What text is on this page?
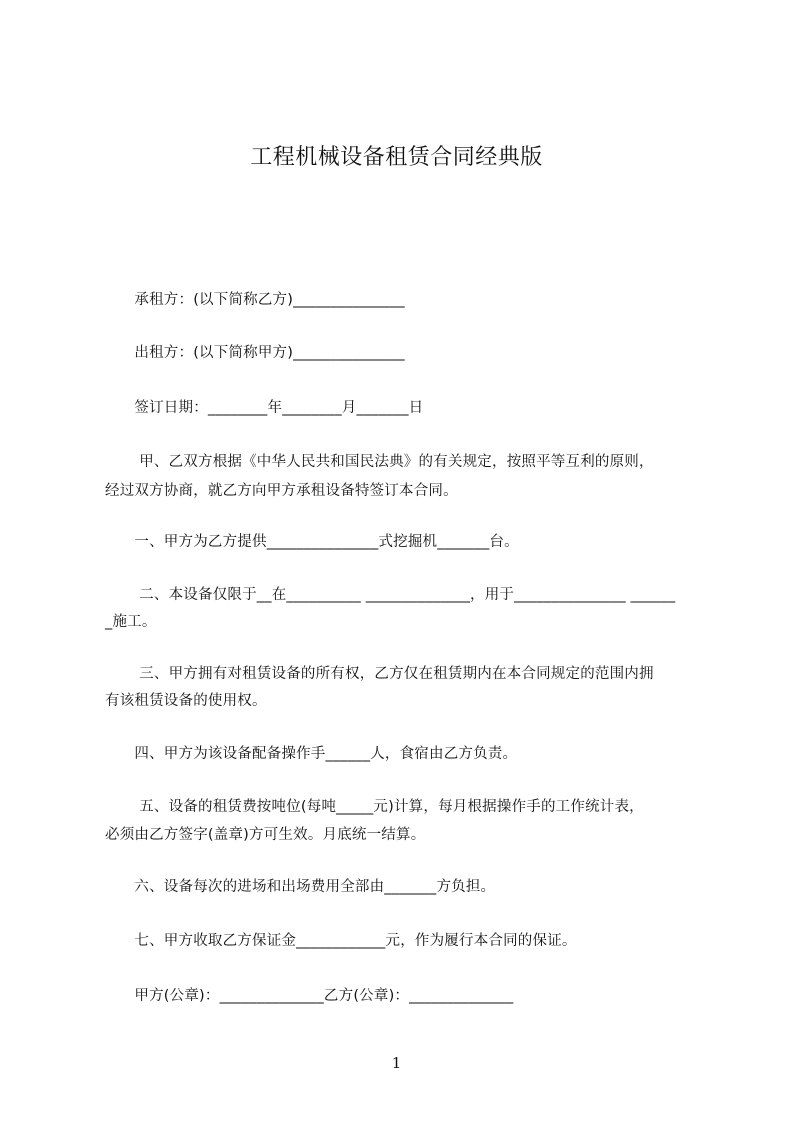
工程机械设备租赁合同经典版
　　承租方：(以下简称乙方)_______________
　　出租方：(以下简称甲方)_______________
　　签订日期：________年________月_______日
　　 甲、乙双方根据《中华人民共和国民法典》的有关规定，按照平等互利的原则，
经过双方协商，就乙方向甲方承租设备特签订本合同。
　　一、甲方为乙方提供_______________式挖掘机_______台。
　　 二、本设备仅限于__在__________ ______________，用于_______________ ______
_施工。
　　 三、甲方拥有对租赁设备的所有权，乙方仅在租赁期内在本合同规定的范围内拥
有该租赁设备的使用权。
　　四、甲方为该设备配备操作手______人，食宿由乙方负责。
　　 五、设备的租赁费按吨位(每吨_____元)计算，每月根据操作手的工作统计表，
必须由乙方签字(盖章)方可生效。月底统一结算。
　　六、设备每次的进场和出场费用全部由_______方负担。
　　七、甲方收取乙方保证金____________元，作为履行本合同的保证。
　　甲方(公章)：______________乙方(公章)：______________
1
